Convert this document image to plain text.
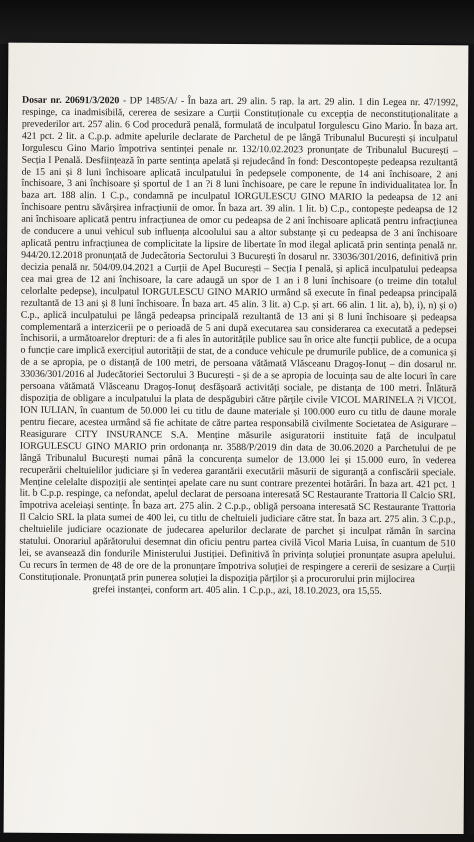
Dosar nr. 20691/3/2020 - DP 1485/A/ - În baza art. 29 alin. 5 rap. la art. 29 alin. 1 din Legea nr. 47/1992, respinge, ca inadmisibilă, cererea de sesizare a Curții Constituționale cu excepția de neconstituționalitate a prevederilor art. 257 alin. 6 Cod procedură penală, formulată de inculpatul Iorgulescu Gino Mario. În baza art. 421 pct. 2 lit. a C.p.p. admite apelurile declarate de Parchetul de pe lângă Tribunalul București și inculpatul Iorgulescu Gino Mario împotriva sentinței penale nr. 132/10.02.2023 pronunțate de Tribunalul București – Secția I Penală. Desființează în parte sentința apelată și rejudecând în fond: Descontopește pedeapsa rezultantă de 15 ani și 8 luni închisoare aplicată inculpatului în pedepsele componente, de 14 ani închisoare, 2 ani închisoare, 3 ani închisoare și sportul de 1 an ?i 8 luni închisoare, pe care le repune în individualitatea lor. În baza art. 188 alin. 1 C.p., condamnă pe inculpatul IORGULESCU GINO MARIO la pedeapsa de 12 ani închisoare pentru săvârșirea infracțiunii de omor. În baza art. 39 alin. 1 lit. b) C.p., contopește pedeapsa de 12 ani închisoare aplicată pentru infracțiunea de omor cu pedeapsa de 2 ani închisoare aplicată pentru infracțiunea de conducere a unui vehicul sub influența alcoolului sau a altor substanțe și cu pedeapsa de 3 ani închisoare aplicată pentru infracțiunea de complicitate la lipsire de libertate în mod ilegal aplicată prin sentința penală nr. 944/20.12.2018 pronunțată de Judecătoria Sectorului 3 București în dosarul nr. 33036/301/2016, definitivă prin decizia penală nr. 504/09.04.2021 a Curții de Apel București – Secția I penală, și aplică inculpatului pedeapsa cea mai grea de 12 ani închisoare, la care adaugă un spor de 1 an i 8 luni închisoare (o treime din totalul celorlalte pedepse), inculpatul IORGULESCU GINO MARIO urmând să execute în final pedeapsa principală rezultantă de 13 ani și 8 luni închisoare. În baza art. 45 alin. 3 lit. a) C.p. și art. 66 alin. 1 lit. a), b), i), n) și o) C.p., aplică inculpatului pe lângă pedeapsa principală rezultantă de 13 ani și 8 luni închisoare și pedeapsa complementară a interzicerii pe o perioadă de 5 ani după executarea sau considerarea ca executată a pedepsei închisorii, a următoarelor drepturi: de a fi ales în autoritățile publice sau în orice alte funcții publice, de a ocupa o funcție care implică exercițiul autorității de stat, de a conduce vehicule pe drumurile publice, de a comunica și de a se apropia, pe o distanță de 100 metri, de persoana vătămată Vlăsceanu Dragoș-Ionuț – din dosarul nr. 33036/301/2016 al Judecătoriei Sectorului 3 București - și de a se apropia de locuința sau de alte locuri în care persoana vătămată Vlăsceanu Dragoș-Ionuț desfășoară activități sociale, pe distanța de 100 metri. Înlătură dispoziția de obligare a inculpatului la plata de despăgubiri către părțile civile VICOL MARINELA ?i VICOL ION IULIAN, în cuantum de 50.000 lei cu titlu de daune materiale și 100.000 euro cu titlu de daune morale pentru fiecare, acestea urmând să fie achitate de către partea responsabilă civilmente Societatea de Asigurare – Reasigurare CITY INSURANCE S.A. Menține măsurile asiguratorii instituite față de inculpatul IORGULESCU GINO MARIO prin ordonanța nr. 3588/P/2019 din data de 30.06.2020 a Parchetului de pe lângă Tribunalul București numai până la concurența sumelor de 13.000 lei și 15.000 euro, în vederea recuperării cheltuielilor judiciare și în vederea garantării executării măsurii de siguranță a confiscării speciale. Menține celelalte dispoziții ale sentinței apelate care nu sunt contrare prezentei hotărâri. În baza art. 421 pct. 1 lit. b C.p.p. respinge, ca nefondat, apelul declarat de persoana interesată SC Restaurante Trattoria Il Calcio SRL împotriva aceleiași sentințe. În baza art. 275 alin. 2 C.p.p., obligă persoana interesată SC Restaurante Trattoria Il Calcio SRL la plata sumei de 400 lei, cu titlu de cheltuieli judiciare către stat. În baza art. 275 alin. 3 C.p.p., cheltuielile judiciare ocazionate de judecarea apelurilor declarate de parchet și inculpat rămân în sarcina statului. Onorariul apărătorului desemnat din oficiu pentru partea civilă Vicol Maria Luisa, în cuantum de 510 lei, se avansează din fondurile Ministerului Justiției. Definitivă în privința soluției pronunțate asupra apelului. Cu recurs în termen de 48 de ore de la pronunțare împotriva soluției de respingere a cererii de sesizare a Curții Constituționale. Pronunțată prin punerea soluției la dispoziția părților și a procurorului prin mijlocirea
grefei instanței, conform art. 405 alin. 1 C.p.p., azi, 18.10.2023, ora 15,55.
